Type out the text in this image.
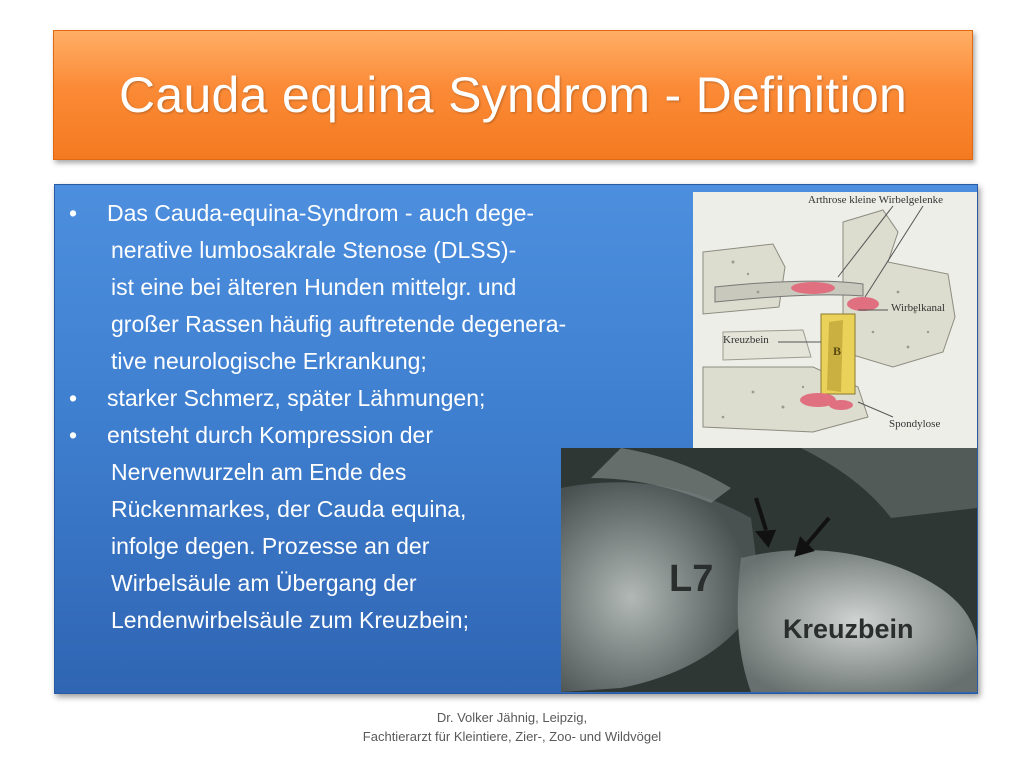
Cauda equina Syndrom - Definition
• Das Cauda-equina-Syndrom - auch dege-
nerative lumbosakrale Stenose (DLSS)-
ist eine bei älteren Hunden mittelgr. und
großer Rassen häufig auftretende degenera-
tive neurologische Erkrankung;
• starker Schmerz, später Lähmungen;
• entsteht durch Kompression der
Nervenwurzeln am Ende des
Rückenmarkes, der Cauda equina,
infolge degen. Prozesse an der
Wirbelsäule am Übergang der
Lendenwirbelsäule zum Kreuzbein;
Arthrose kleine Wirbelgelenke
Wirbelkanal
Kreuzbein
B
Spondylose
L7
Kreuzbein
Dr. Volker Jähnig, Leipzig,
Fachtierarzt für Kleintiere, Zier-, Zoo- und Wildvögel
